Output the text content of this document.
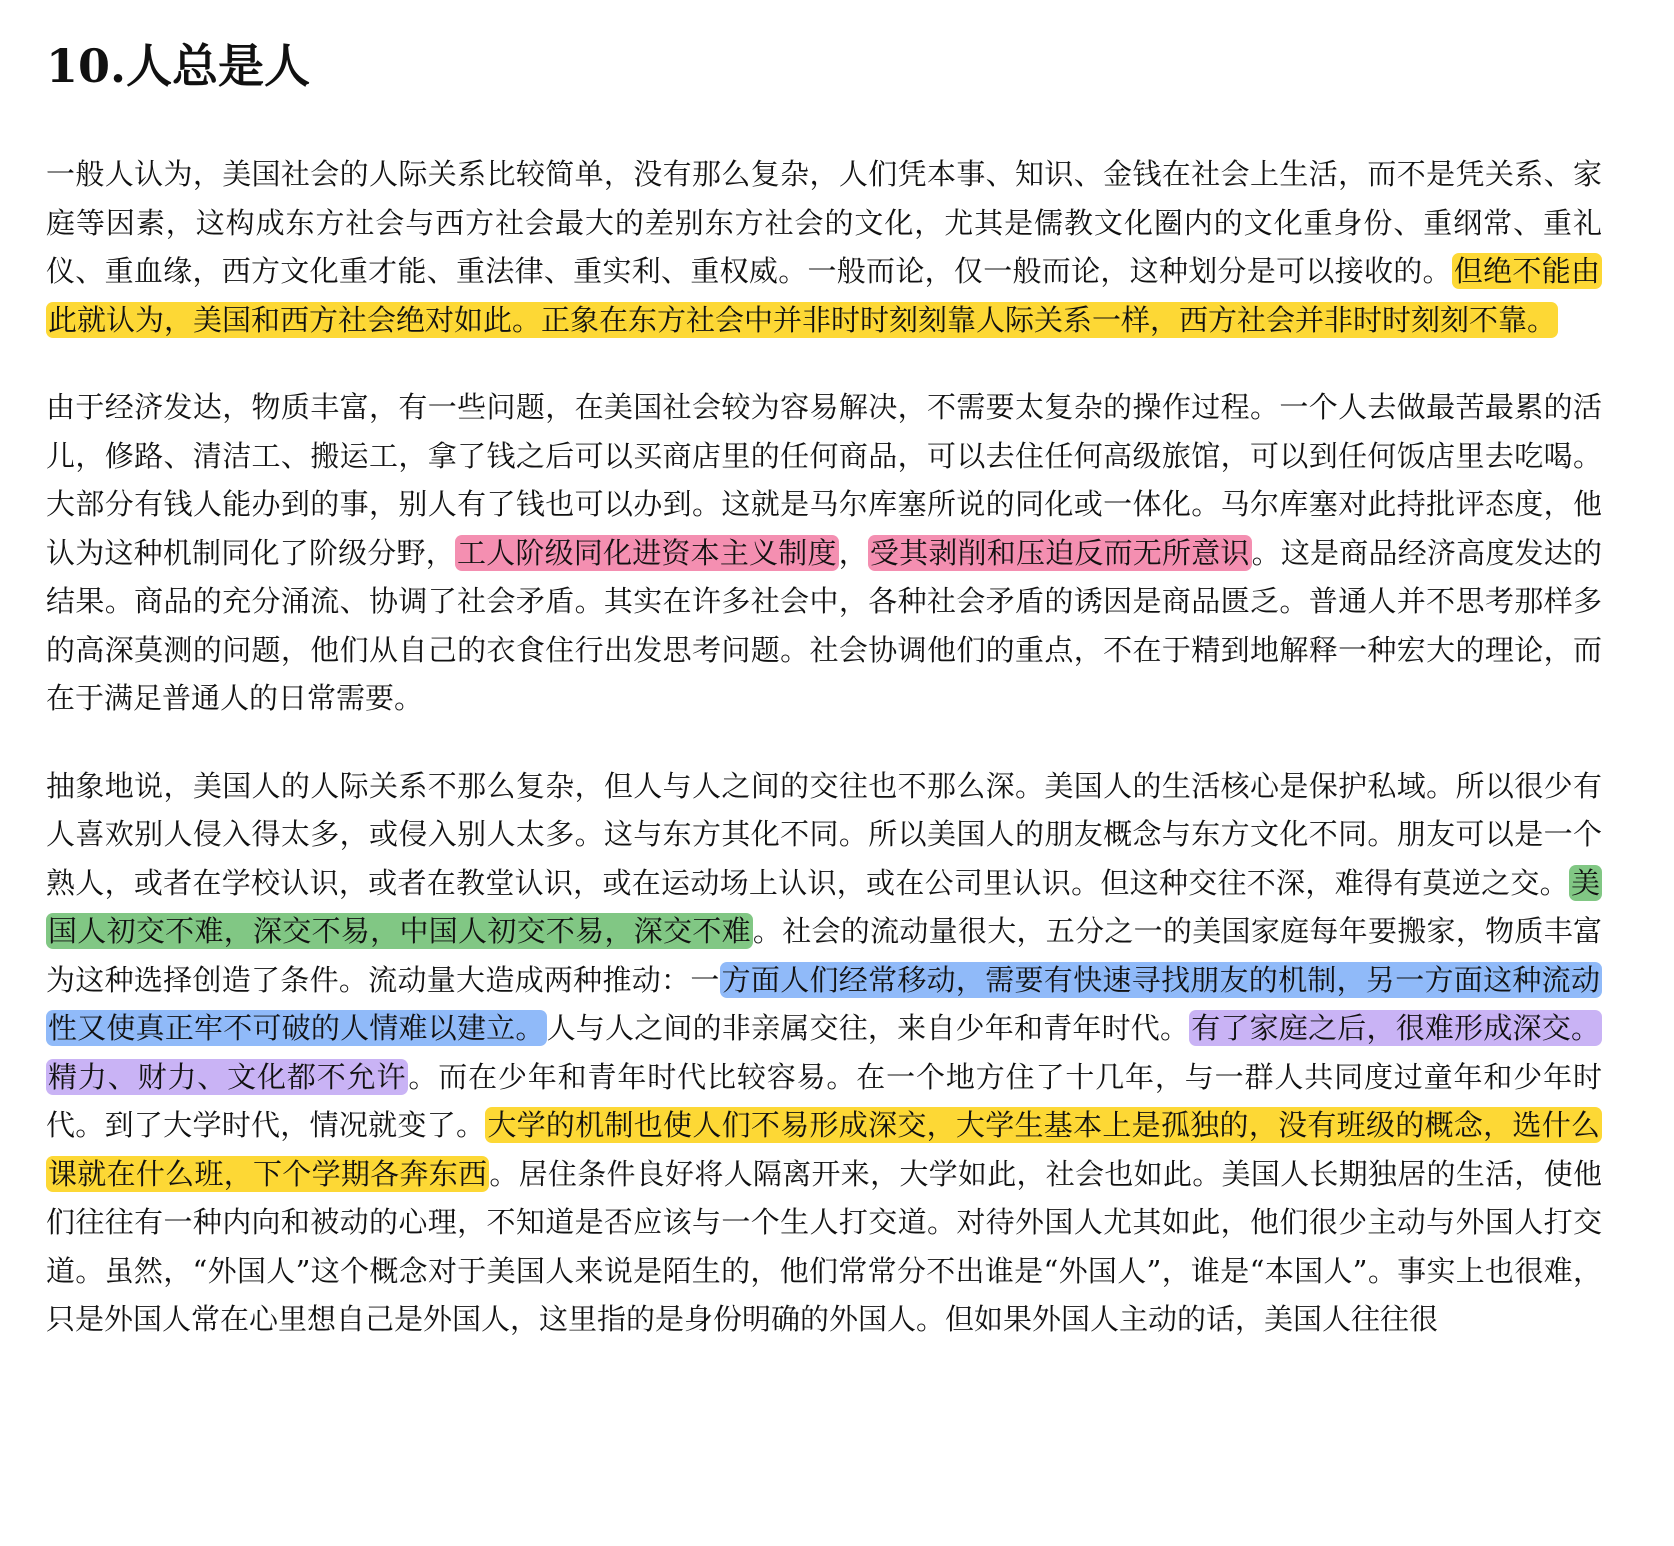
10.人总是人

一般人认为，美国社会的人际关系比较简单，没有那么复杂，人们凭本事、知识、金钱在社会上生活，而不是凭关系、家庭等因素，这构成东方社会与西方社会最大的差别东方社会的文化，尤其是儒教文化圈内的文化重身份、重纲常、重礼仪、重血缘，西方文化重才能、重法律、重实利、重权威。一般而论，仅一般而论，这种划分是可以接收的。但绝不能由此就认为，美国和西方社会绝对如此。正象在东方社会中并非时时刻刻靠人际关系一样，西方社会并非时时刻刻不靠。

由于经济发达，物质丰富，有一些问题，在美国社会较为容易解决，不需要太复杂的操作过程。一个人去做最苦最累的活儿，修路、清洁工、搬运工，拿了钱之后可以买商店里的任何商品，可以去住任何高级旅馆，可以到任何饭店里去吃喝。大部分有钱人能办到的事，别人有了钱也可以办到。这就是马尔库塞所说的同化或一体化。马尔库塞对此持批评态度，他认为这种机制同化了阶级分野，工人阶级同化进资本主义制度，受其剥削和压迫反而无所意识。这是商品经济高度发达的结果。商品的充分涌流、协调了社会矛盾。其实在许多社会中，各种社会矛盾的诱因是商品匮乏。普通人并不思考那样多的高深莫测的问题，他们从自己的衣食住行出发思考问题。社会协调他们的重点，不在于精到地解释一种宏大的理论，而在于满足普通人的日常需要。

抽象地说，美国人的人际关系不那么复杂，但人与人之间的交往也不那么深。美国人的生活核心是保护私域。所以很少有人喜欢别人侵入得太多，或侵入别人太多。这与东方其化不同。所以美国人的朋友概念与东方文化不同。朋友可以是一个熟人，或者在学校认识，或者在教堂认识，或在运动场上认识，或在公司里认识。但这种交往不深，难得有莫逆之交。美国人初交不难，深交不易，中国人初交不易，深交不难。社会的流动量很大，五分之一的美国家庭每年要搬家，物质丰富为这种选择创造了条件。流动量大造成两种推动：一方面人们经常移动，需要有快速寻找朋友的机制，另一方面这种流动性又使真正牢不可破的人情难以建立。人与人之间的非亲属交往，来自少年和青年时代。有了家庭之后，很难形成深交。精力、财力、文化都不允许。而在少年和青年时代比较容易。在一个地方住了十几年，与一群人共同度过童年和少年时代。到了大学时代，情况就变了。大学的机制也使人们不易形成深交，大学生基本上是孤独的，没有班级的概念，选什么课就在什么班，下个学期各奔东西。居住条件良好将人隔离开来，大学如此，社会也如此。美国人长期独居的生活，使他们往往有一种内向和被动的心理，不知道是否应该与一个生人打交道。对待外国人尤其如此，他们很少主动与外国人打交道。虽然，“外国人”这个概念对于美国人来说是陌生的，他们常常分不出谁是“外国人”，谁是“本国人”。事实上也很难，只是外国人常在心里想自己是外国人，这里指的是身份明确的外国人。但如果外国人主动的话，美国人往往很
